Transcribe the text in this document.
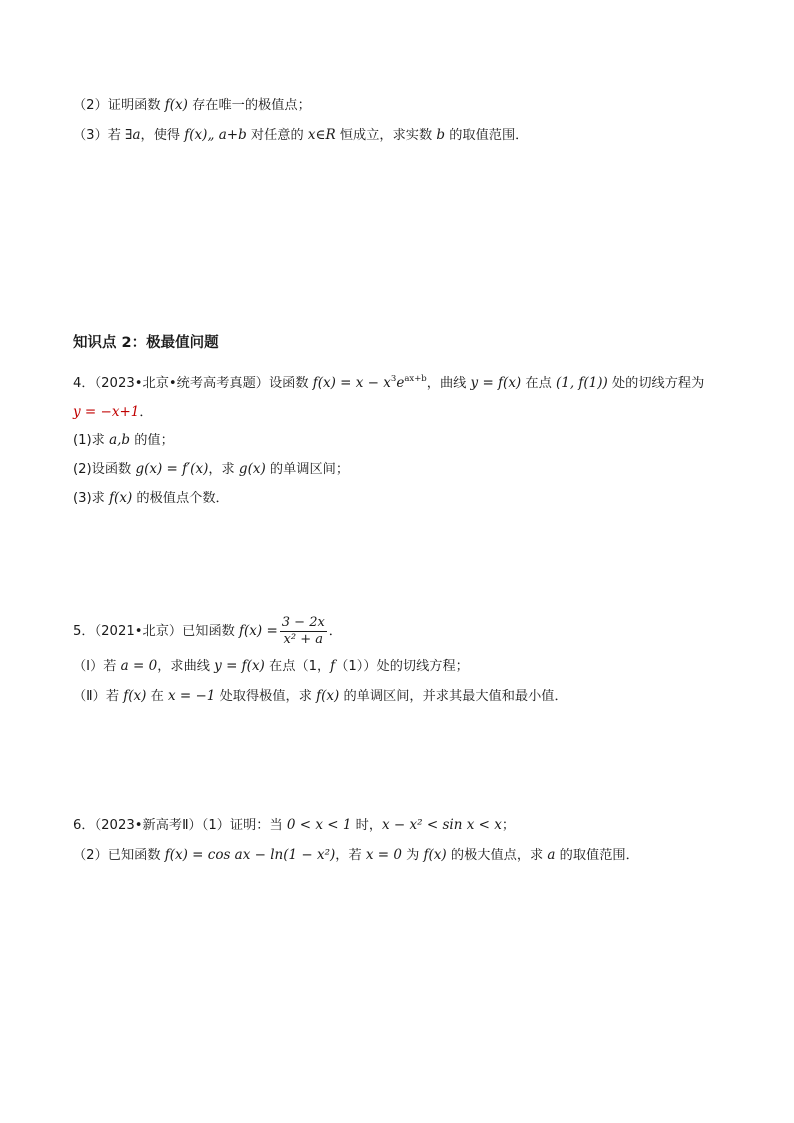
（2）证明函数 f(x) 存在唯一的极值点；
（3）若 ∃a，使得 f(x)„ a+b 对任意的 x∈R 恒成立，求实数 b 的取值范围．
知识点 2：极最值问题
4．（2023•北京•统考高考真题）设函数 $f(x) = x - x^3e^{ax+b}$，曲线 y = f(x) 在点 (1, f(1)) 处的切线方程为
y = −x+1．
(1)求 a,b 的值；
(2)设函数 g(x) = f′(x)，求 g(x) 的单调区间；
(3)求 f(x) 的极值点个数．
5．（2021•北京）已知函数 $f(x) = \frac{3 - 2x}{\text{x² + a}}$ ．
（Ⅰ）若 a = 0，求曲线 y = f(x) 在点（1，f（1））处的切线方程；
（Ⅱ）若 f(x) 在 x = −1 处取得极值，求 f(x) 的单调区间，并求其最大值和最小值．
6．（2023•新高考Ⅱ）（1）证明：当 0 < x < 1 时，x − x² < sin x < x；
（2）已知函数 f(x) = cos ax − ln(1 − x²)，若 x = 0 为 f(x) 的极大值点，求 a 的取值范围．
